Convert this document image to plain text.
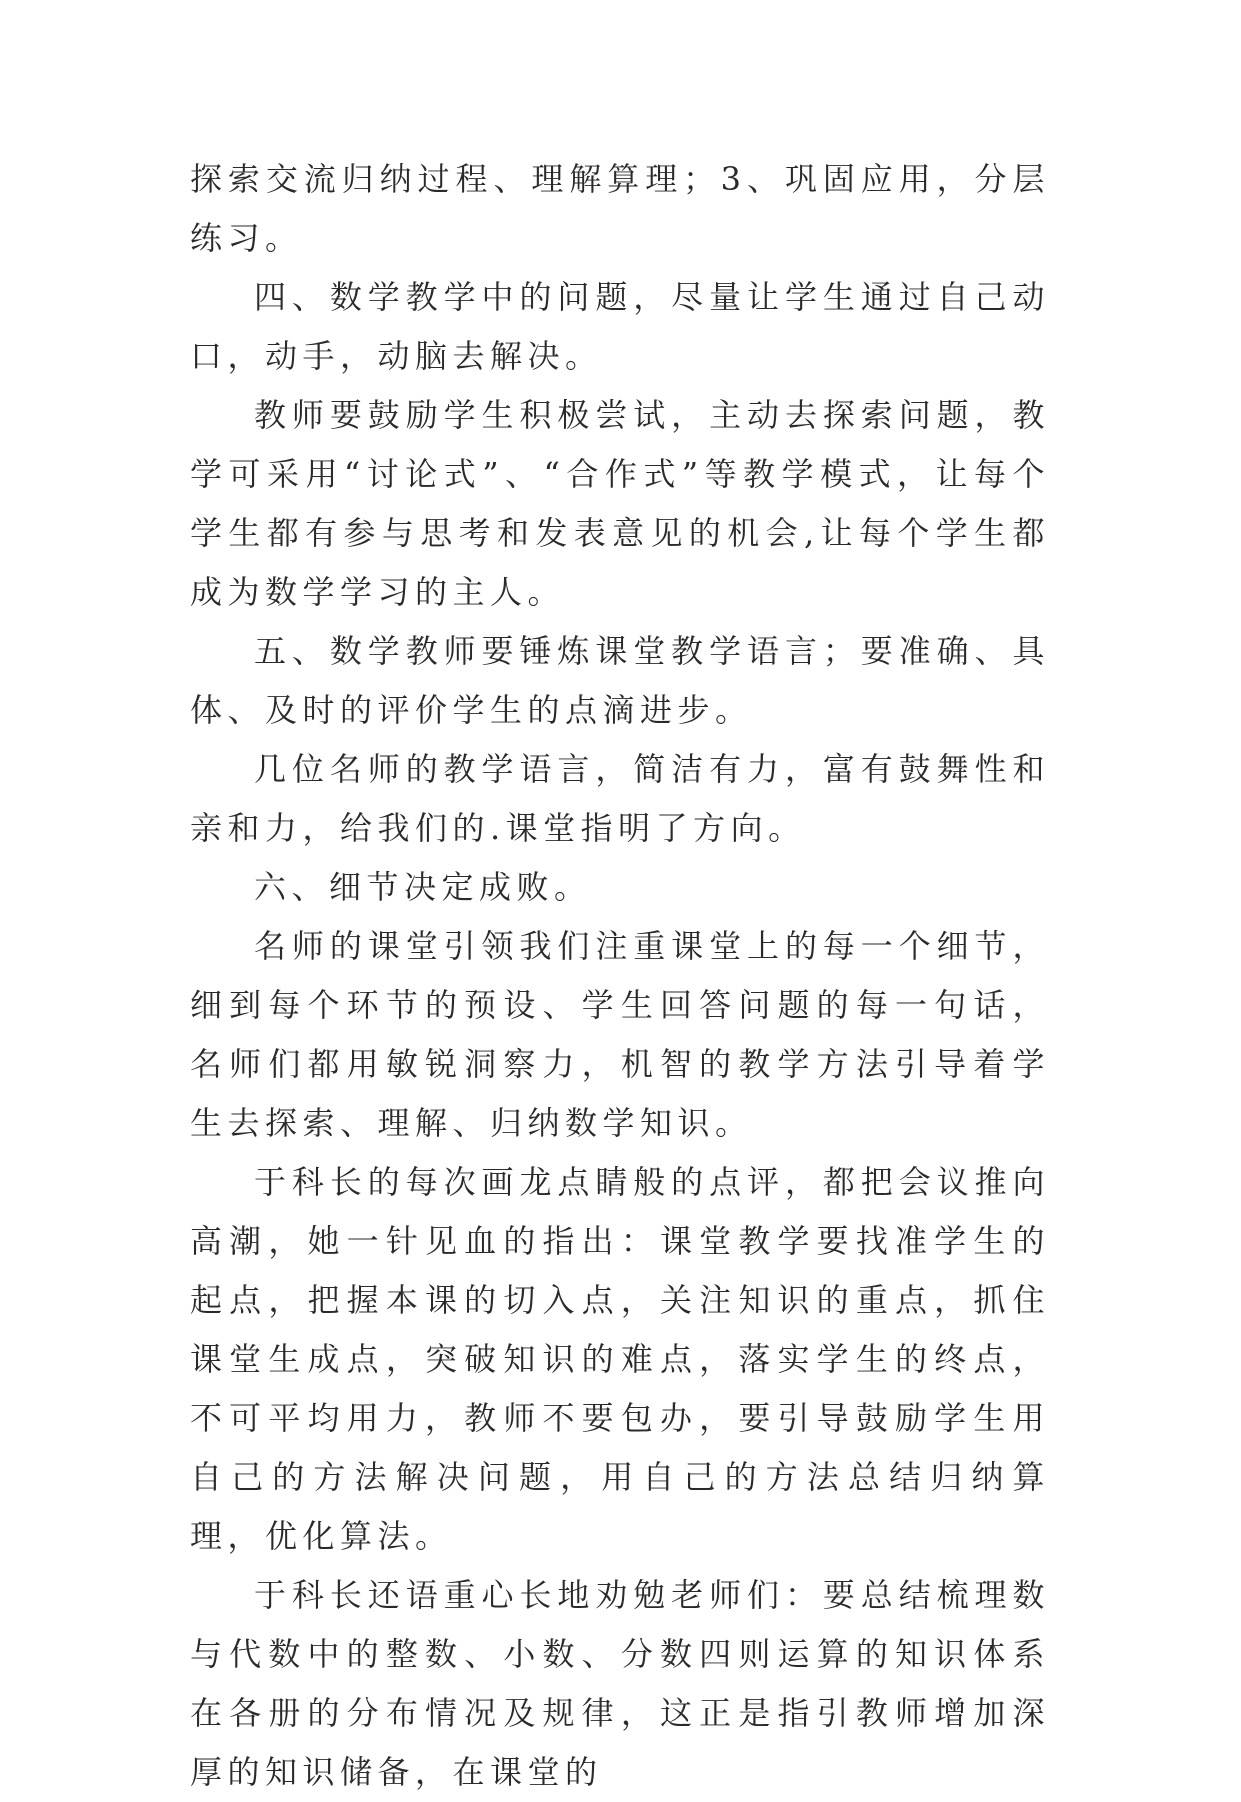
探索交流归纳过程、理解算理；3、巩固应用，分层练习。

四、数学教学中的问题，尽量让学生通过自己动口，动手，动脑去解决。

教师要鼓励学生积极尝试，主动去探索问题，教学可采用“讨论式”、“合作式”等教学模式，让每个学生都有参与思考和发表意见的机会,让每个学生都成为数学学习的主人。

五、数学教师要锤炼课堂教学语言；要准确、具体、及时的评价学生的点滴进步。

几位名师的教学语言，简洁有力，富有鼓舞性和亲和力，给我们的.课堂指明了方向。

六、细节决定成败。

名师的课堂引领我们注重课堂上的每一个细节，细到每个环节的预设、学生回答问题的每一句话，名师们都用敏锐洞察力，机智的教学方法引导着学生去探索、理解、归纳数学知识。

于科长的每次画龙点睛般的点评，都把会议推向高潮，她一针见血的指出：课堂教学要找准学生的起点，把握本课的切入点，关注知识的重点，抓住课堂生成点，突破知识的难点，落实学生的终点，不可平均用力，教师不要包办，要引导鼓励学生用自己的方法解决问题，用自己的方法总结归纳算理，优化算法。

于科长还语重心长地劝勉老师们：要总结梳理数与代数中的整数、小数、分数四则运算的知识体系在各册的分布情况及规律，这正是指引教师增加深厚的知识储备，在课堂的
